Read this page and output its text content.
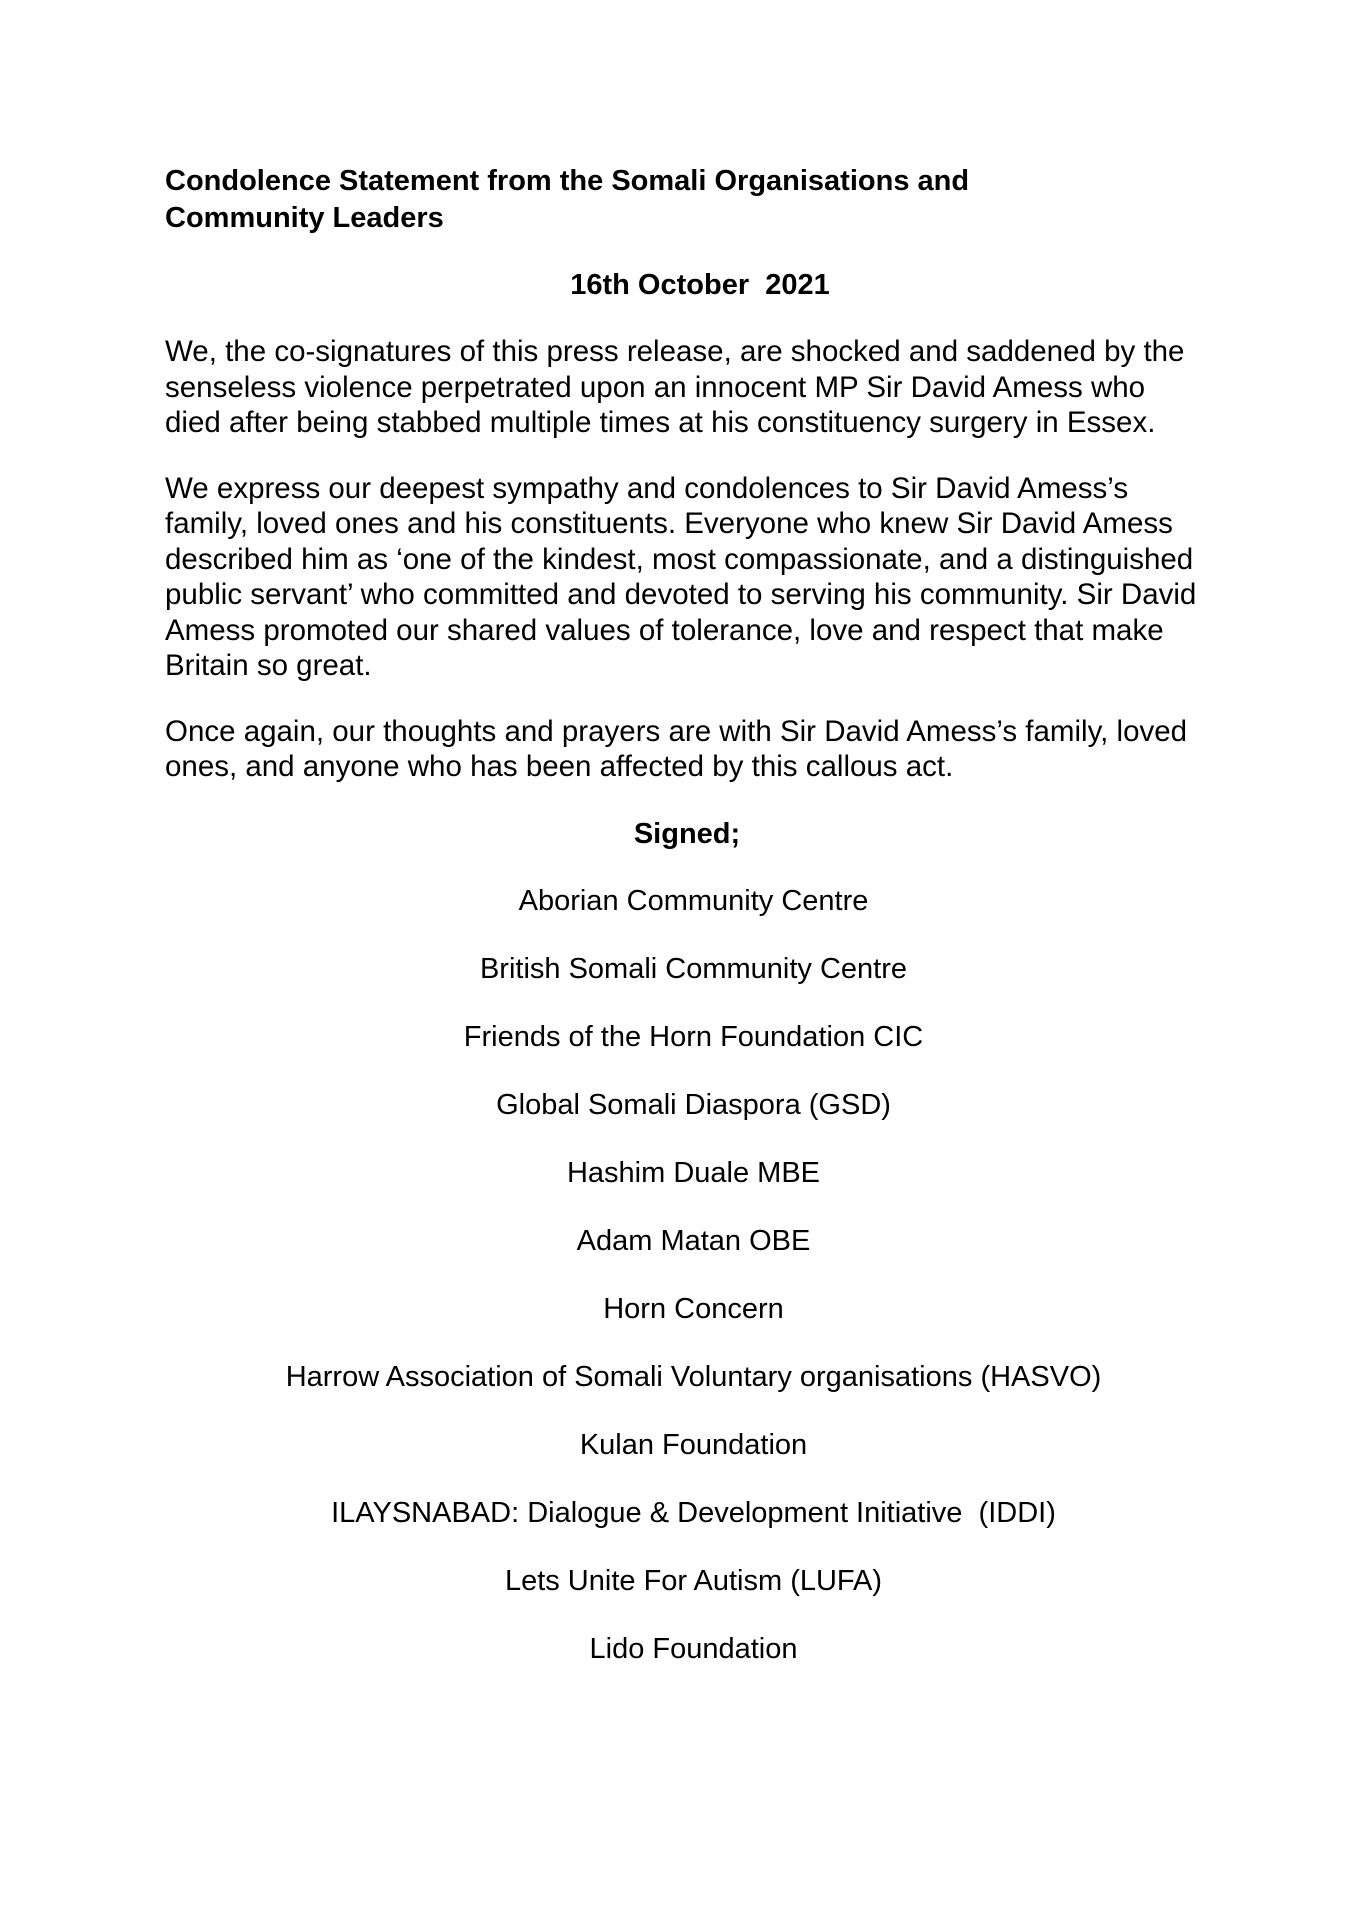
Condolence Statement from the Somali Organisations and
Community Leaders

16th October  2021

We, the co-signatures of this press release, are shocked and saddened by the senseless violence perpetrated upon an innocent MP Sir David Amess who died after being stabbed multiple times at his constituency surgery in Essex.

We express our deepest sympathy and condolences to Sir David Amess’s family, loved ones and his constituents. Everyone who knew Sir David Amess described him as ‘one of the kindest, most compassionate, and a distinguished public servant’ who committed and devoted to serving his community. Sir David Amess promoted our shared values of tolerance, love and respect that make Britain so great.

Once again, our thoughts and prayers are with Sir David Amess’s family, loved ones, and anyone who has been affected by this callous act.

Signed;

Aborian Community Centre
British Somali Community Centre
Friends of the Horn Foundation CIC
Global Somali Diaspora (GSD)
Hashim Duale MBE
Adam Matan OBE
Horn Concern
Harrow Association of Somali Voluntary organisations (HASVO)
Kulan Foundation
ILAYSNABAD: Dialogue & Development Initiative  (IDDI)
Lets Unite For Autism (LUFA)
Lido Foundation
